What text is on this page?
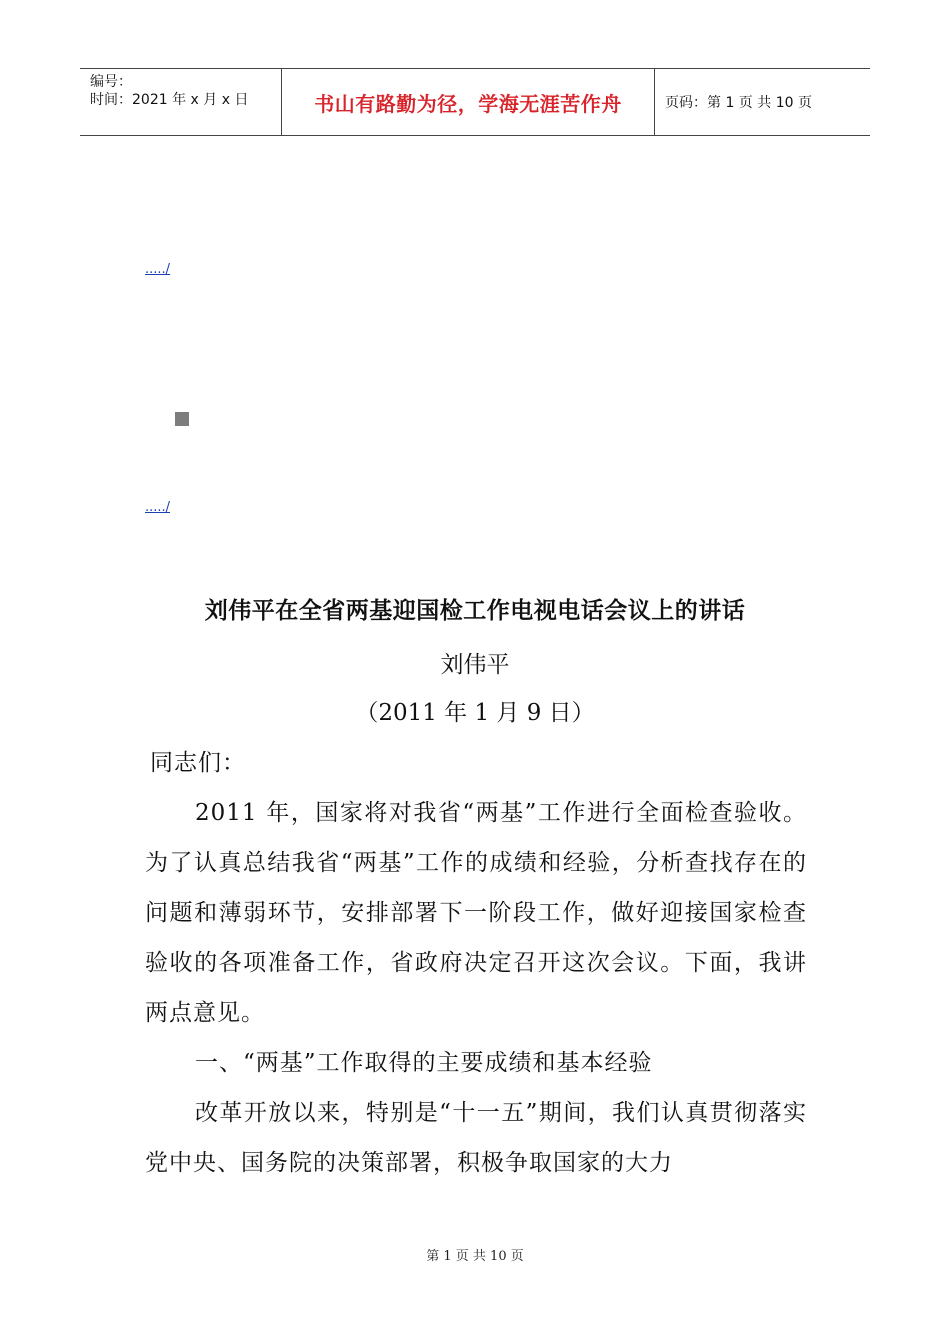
编号：
时间：2021 年 x 月 x 日	书山有路勤为径，学海无涯苦作舟	页码：第 1 页 共 10 页
...../
...../
刘伟平在全省两基迎国检工作电视电话会议上的讲话
刘伟平
（2011 年 1 月 9 日）

同志们：

2011 年，国家将对我省“两基”工作进行全面检查验收。为了认真总结我省“两基”工作的成绩和经验，分析查找存在的问题和薄弱环节，安排部署下一阶段工作，做好迎接国家检查验收的各项准备工作，省政府决定召开这次会议。下面，我讲两点意见。

一、“两基”工作取得的主要成绩和基本经验

改革开放以来，特别是“十一五”期间，我们认真贯彻落实党中央、国务院的决策部署，积极争取国家的大力

第 1 页 共 10 页
